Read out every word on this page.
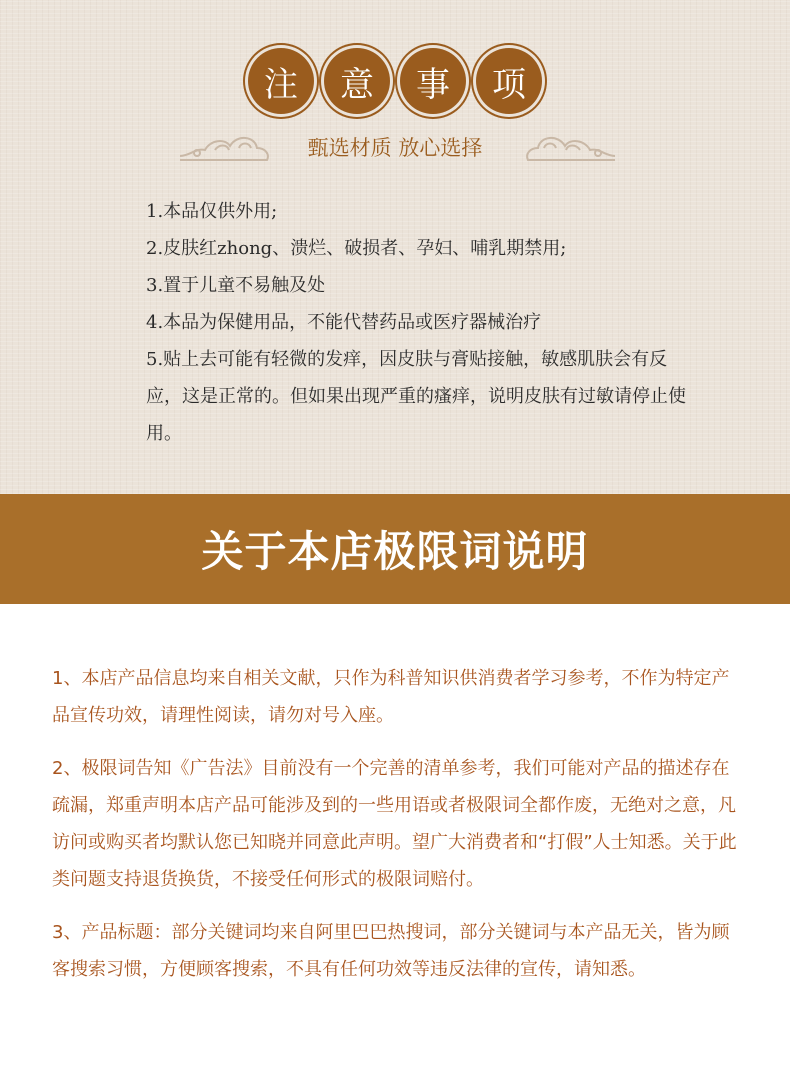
注	意	事	项
甄选材质 放心选择

1.本品仅供外用;

2.皮肤红zhong、溃烂、破损者、孕妇、哺乳期禁用;

3.置于儿童不易触及处

4.本品为保健用品，不能代替药品或医疗器械治疗

5.贴上去可能有轻微的发痒，因皮肤与膏贴接触，敏感肌肤会有反应，这是正常的。但如果出现严重的瘙痒，说明皮肤有过敏请停止使用。

关于本店极限词说明

1、本店产品信息均来自相关文献，只作为科普知识供消费者学习参考，不作为特定产品宣传功效，请理性阅读，请勿对号入座。

2、极限词告知《广告法》目前没有一个完善的清单参考，我们可能对产品的描述存在疏漏，郑重声明本店产品可能涉及到的一些用语或者极限词全都作废，无绝对之意，凡访问或购买者均默认您已知晓并同意此声明。望广大消费者和“打假”人士知悉。关于此类问题支持退货换货，不接受任何形式的极限词赔付。

3、产品标题：部分关键词均来自阿里巴巴热搜词，部分关键词与本产品无关，皆为顾客搜索习惯，方便顾客搜索，不具有任何功效等违反法律的宣传，请知悉。
